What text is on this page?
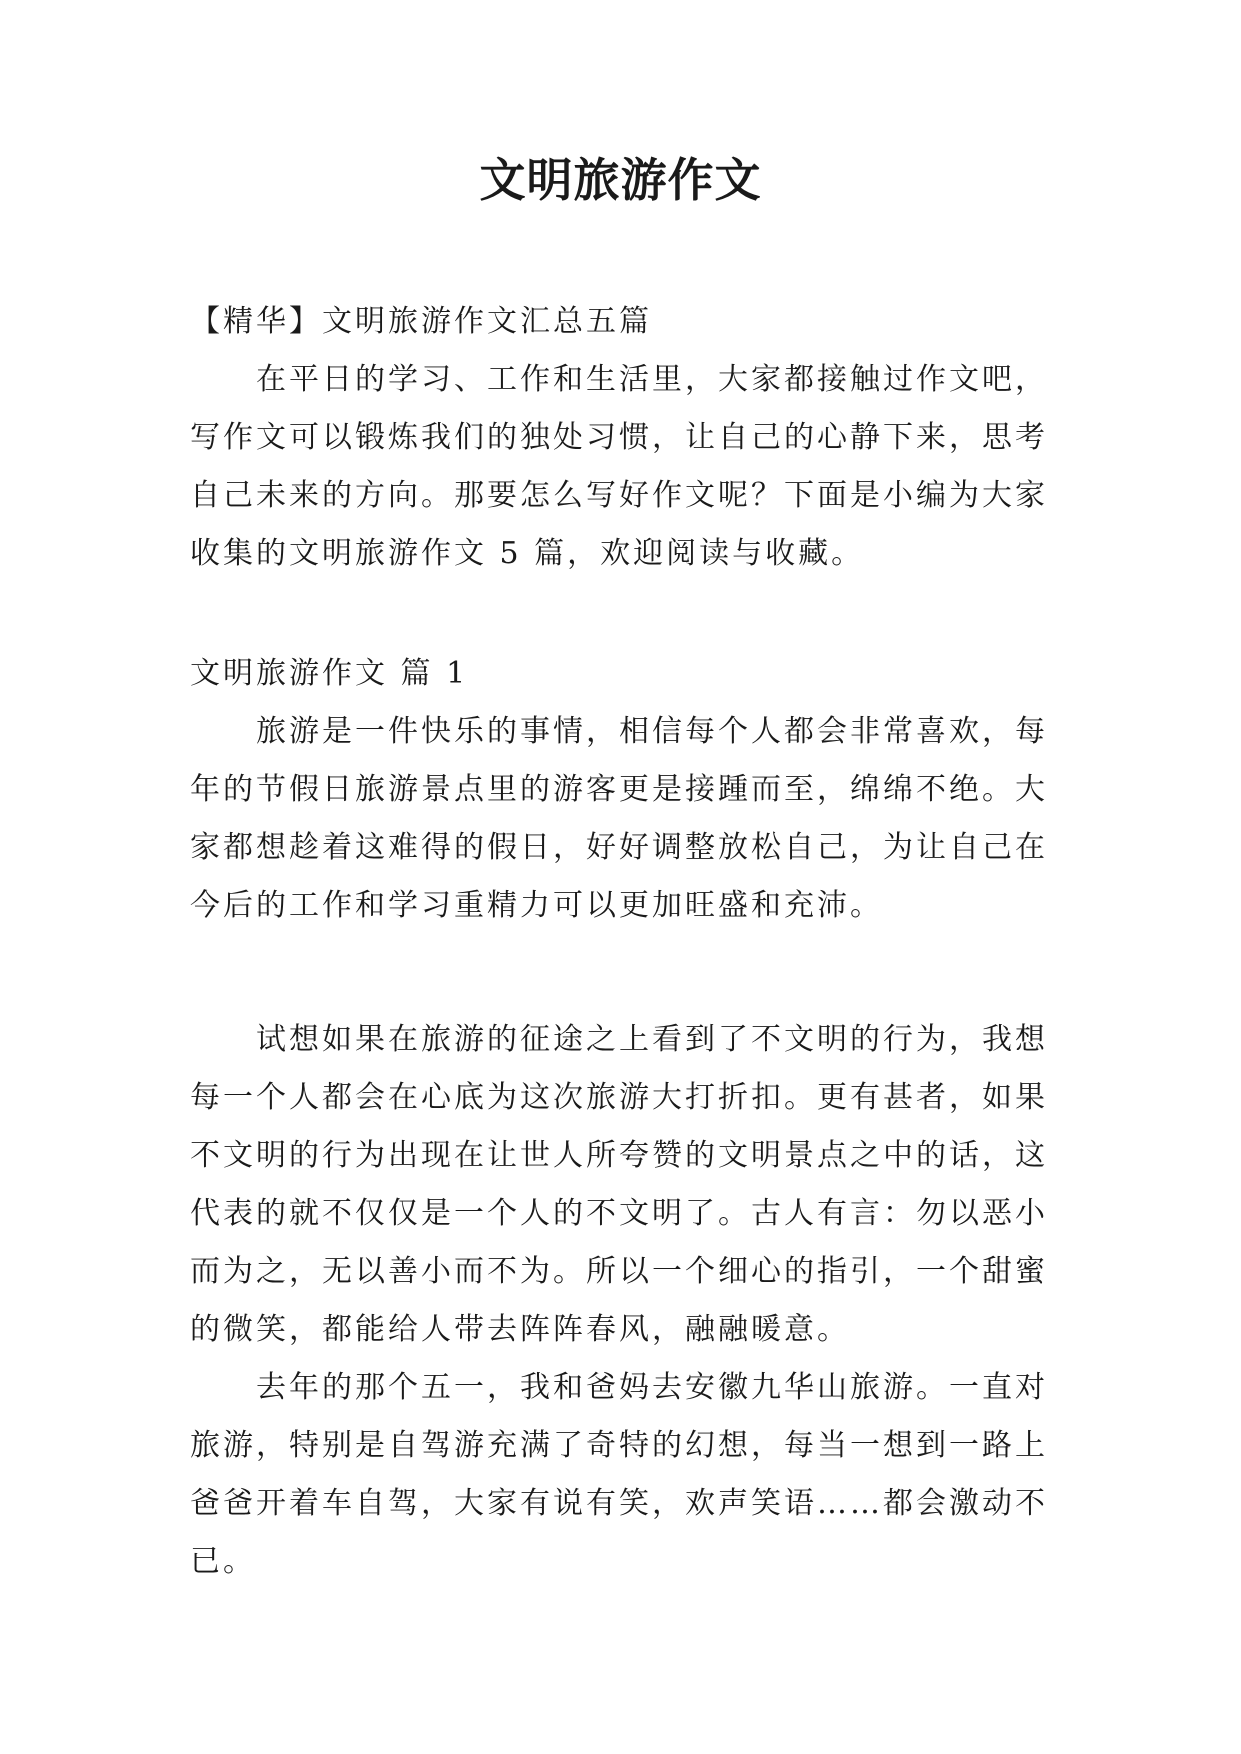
文明旅游作文
【精华】文明旅游作文汇总五篇
在平日的学习、工作和生活里，大家都接触过作文吧，
写作文可以锻炼我们的独处习惯，让自己的心静下来，思考
自己未来的方向。那要怎么写好作文呢？下面是小编为大家
收集的文明旅游作文 5 篇，欢迎阅读与收藏。
文明旅游作文 篇 1
旅游是一件快乐的事情，相信每个人都会非常喜欢，每
年的节假日旅游景点里的游客更是接踵而至，绵绵不绝。大
家都想趁着这难得的假日，好好调整放松自己，为让自己在
今后的工作和学习重精力可以更加旺盛和充沛。
试想如果在旅游的征途之上看到了不文明的行为，我想
每一个人都会在心底为这次旅游大打折扣。更有甚者，如果
不文明的行为出现在让世人所夸赞的文明景点之中的话，这
代表的就不仅仅是一个人的不文明了。古人有言：勿以恶小
而为之，无以善小而不为。所以一个细心的指引，一个甜蜜
的微笑，都能给人带去阵阵春风，融融暖意。
去年的那个五一，我和爸妈去安徽九华山旅游。一直对
旅游，特别是自驾游充满了奇特的幻想，每当一想到一路上
爸爸开着车自驾，大家有说有笑，欢声笑语……都会激动不
已。
